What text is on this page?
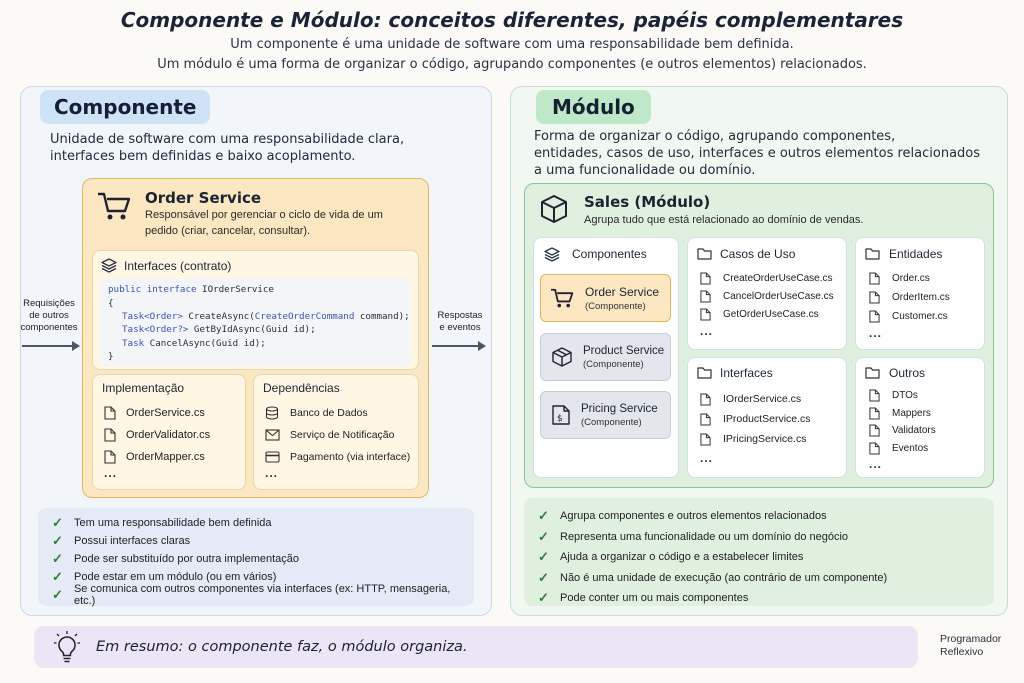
Componente e Módulo: conceitos diferentes, papéis complementares
Um componente é uma unidade de software com uma responsabilidade bem definida.
Um módulo é uma forma de organizar o código, agrupando componentes (e outros elementos) relacionados.
Componente
Unidade de software com uma responsabilidade clara,
interfaces bem definidas e baixo acoplamento.
Requisições
de outros
componentes
Respostas
e eventos
Order Service
Responsável por gerenciar o ciclo de vida de um
pedido (criar, cancelar, consultar).
Interfaces (contrato)
public interface IOrderService
{
Task<Order> CreateAsync(CreateOrderCommand command);
Task<Order?> GetByIdAsync(Guid id);
Task CancelAsync(Guid id);
}
Implementação
OrderService.cs
OrderValidator.cs
OrderMapper.cs
...
Dependências
Banco de Dados
Serviço de Notificação
Pagamento (via interface)
...
✓	Tem uma responsabilidade bem definida
✓	Possui interfaces claras
✓	Pode ser substituído por outra implementação
✓	Pode estar em um módulo (ou em vários)
✓	Se comunica com outros componentes via interfaces (ex: HTTP, mensageria, etc.)
Módulo
Forma de organizar o código, agrupando componentes,
entidades, casos de uso, interfaces e outros elementos relacionados
a uma funcionalidade ou domínio.
Sales (Módulo)
Agrupa tudo que está relacionado ao domínio de vendas.
Componentes
Order Service
(Componente)
Product Service
(Componente)
$
Pricing Service
(Componente)
Casos de Uso
CreateOrderUseCase.cs
CancelOrderUseCase.cs
GetOrderUseCase.cs
...
Entidades
Order.cs
OrderItem.cs
Customer.cs
...
Interfaces
IOrderService.cs
IProductService.cs
IPricingService.cs
...
Outros
DTOs
Mappers
Validators
Eventos
...
✓	Agrupa componentes e outros elementos relacionados
✓	Representa uma funcionalidade ou um domínio do negócio
✓	Ajuda a organizar o código e a estabelecer limites
✓	Não é uma unidade de execução (ao contrário de um componente)
✓	Pode conter um ou mais componentes
Em resumo: o componente faz, o módulo organiza.	Programador
Reflexivo
